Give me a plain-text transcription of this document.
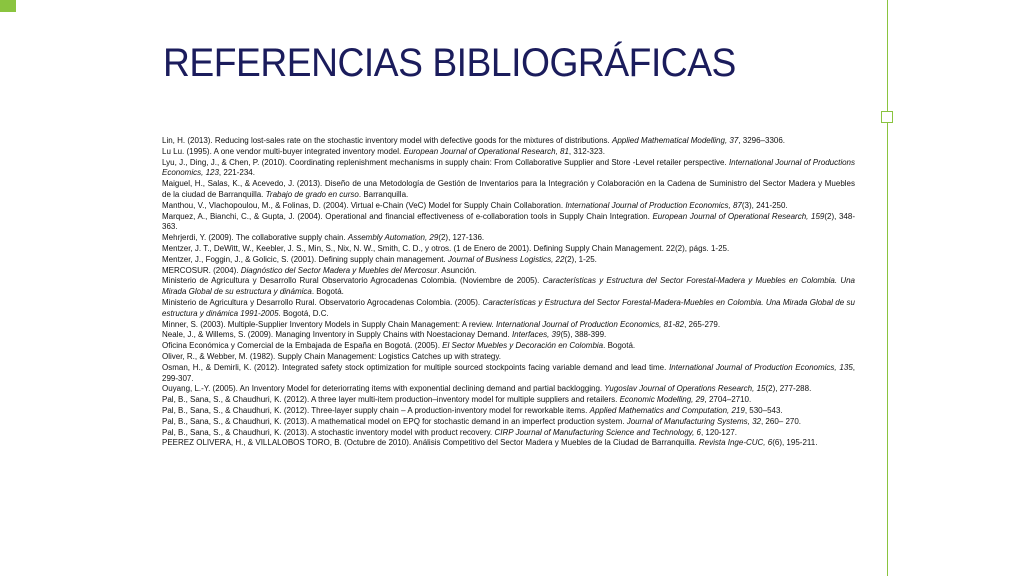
REFERENCIAS BIBLIOGRÁFICAS
Lin, H. (2013). Reducing lost-sales rate on the stochastic inventory model with defective goods for the mixtures of distributions. Applied Mathematical Modelling, 37, 3296–3306.
Lu Lu. (1995). A one vendor multi-buyer integrated inventory model. European Journal of Operational Research, 81, 312-323.
Lyu, J., Ding, J., & Chen, P. (2010). Coordinating replenishment mechanisms in supply chain: From Collaborative Supplier and Store -Level retailer perspective. International Journal of Productions Economics, 123, 221-234.
Maiguel, H., Salas, K., & Acevedo, J. (2013). Diseño de una Metodología de Gestión de Inventarios para la Integración y Colaboración en la Cadena de Suministro del Sector Madera y Muebles de la ciudad de Barranquilla. Trabajo de grado en curso. Barranquilla.
Manthou, V., Vlachopoulou, M., & Folinas, D. (2004). Virtual e-Chain (VeC) Model for Supply Chain Collaboration. International Journal of Production Economics, 87(3), 241-250.
Marquez, A., Bianchi, C., & Gupta, J. (2004). Operational and financial effectiveness of e-collaboration tools in Supply Chain Integration. European Journal of Operational Research, 159(2), 348-363.
Mehrjerdi, Y. (2009). The collaborative supply chain. Assembly Automation, 29(2), 127-136.
Mentzer, J. T., DeWitt, W., Keebler, J. S., Min, S., Nix, N. W., Smith, C. D., y otros. (1 de Enero de 2001). Defining Supply Chain Management. 22(2), págs. 1-25.
Mentzer, J., Foggin, J., & Golicic, S. (2001). Defining supply chain management. Journal of Business Logistics, 22(2), 1-25.
MERCOSUR. (2004). Diagnóstico del Sector Madera y Muebles del Mercosur. Asunción.
Ministerio de Agricultura y Desarrollo Rural Observatorio Agrocadenas Colombia. (Noviembre de 2005). Características y Estructura del Sector Forestal-Madera y Muebles en Colombia. Una Mirada Global de su estructura y dinámica. Bogotá.
Ministerio de Agricultura y Desarrollo Rural. Observatorio Agrocadenas Colombia. (2005). Características y Estructura del Sector Forestal-Madera-Muebles en Colombia. Una Mirada Global de su estructura y dinámica 1991-2005. Bogotá, D.C.
Minner, S. (2003). Multiple-Supplier Inventory Models in Supply Chain Management: A review. International Journal of Production Economics, 81-82, 265-279.
Neale, J., & Willems, S. (2009). Managing Inventory in Supply Chains with Noestacionay Demand. Interfaces, 39(5), 388-399.
Oficina Económica y Comercial de la Embajada de España en Bogotá. (2005). El Sector Muebles y Decoración en Colombia. Bogotá.
Oliver, R., & Webber, M. (1982). Supply Chain Management: Logistics Catches up with strategy.
Osman, H., & Demirli, K. (2012). Integrated safety stock optimization for multiple sourced stockpoints facing variable demand and lead time. International Journal of Production Economics, 135, 299-307.
Ouyang, L.-Y. (2005). An Inventory Model for deteriorrating items with exponential declining demand and partial backlogging. Yugoslav Journal of Operations Research, 15(2), 277-288.
Pal, B., Sana, S., & Chaudhuri, K. (2012). A three layer multi-item production–inventory model for multiple suppliers and retailers. Economic Modelling, 29, 2704–2710.
Pal, B., Sana, S., & Chaudhuri, K. (2012). Three-layer supply chain – A production-inventory model for reworkable items. Applied Mathematics and Computation, 219, 530–543.
Pal, B., Sana, S., & Chaudhuri, K. (2013). A mathematical model on EPQ for stochastic demand in an imperfect production system. Journal of Manufacturing Systems, 32, 260– 270.
Pal, B., Sana, S., & Chaudhuri, K. (2013). A stochastic inventory model with product recovery. CIRP Journal of Manufacturing Science and Technology, 6, 120-127.
PEEREZ OLIVERA, H., & VILLALOBOS TORO, B. (Octubre de 2010). Análisis Competitivo del Sector Madera y Muebles de la Ciudad de Barranquilla. Revista Inge-CUC, 6(6), 195-211.
